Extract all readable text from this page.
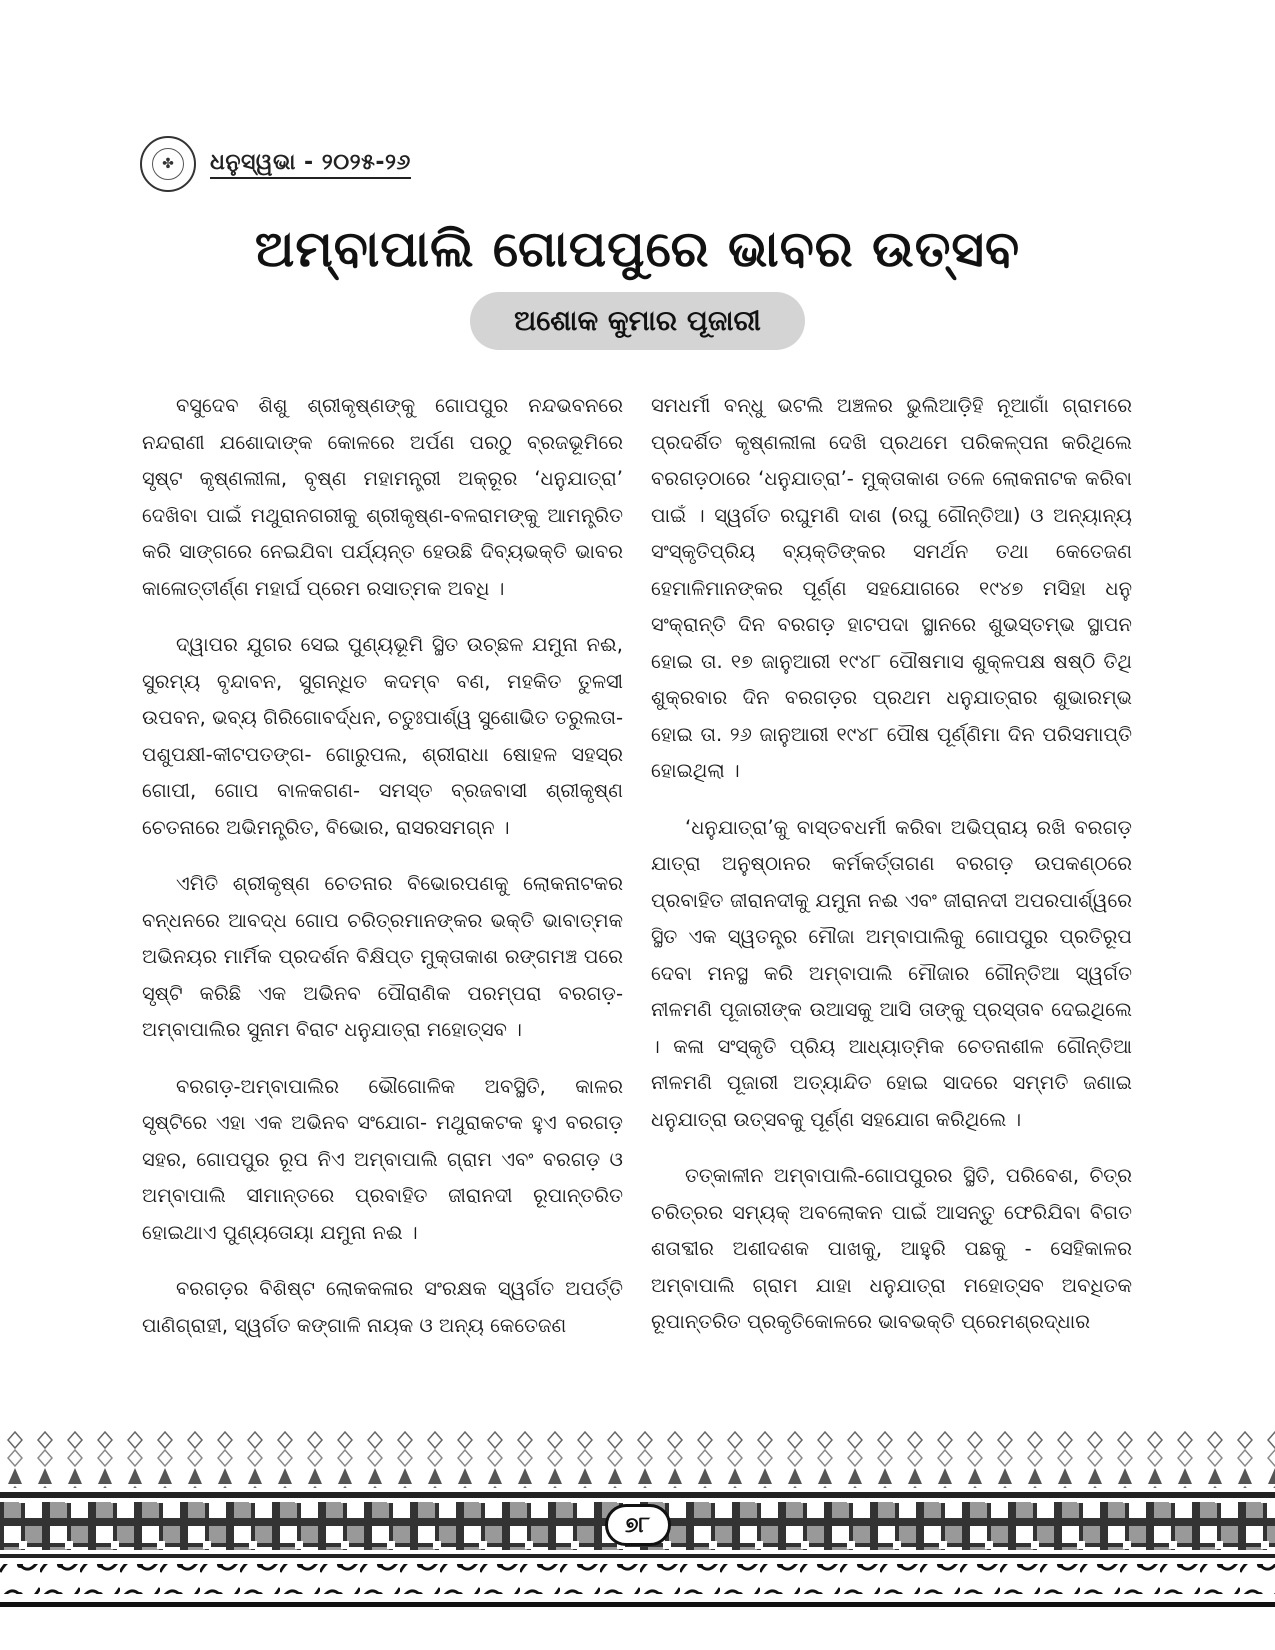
✤	ଧନୁସ୍ୱଭା - ୨୦୨୫-୨୬
ଅମ୍ବାପାଲି ଗୋପପୁରେ ଭାବର ଉତ୍ସବ
ଅଶୋକ କୁମାର ପୂଜାରୀ

ବସୁଦେବ ଶିଶୁ ଶ୍ରୀକୃଷ୍ଣଙ୍କୁ ଗୋପପୁର ନନ୍ଦଭବନରେ ନନ୍ଦରାଣୀ ଯଶୋଦାଙ୍କ କୋଳରେ ଅର୍ପଣ ପରଠୁ ବ୍ରଜଭୂମିରେ ସୃଷ୍ଟ କୃଷ୍ଣଲୀଳା, ବୃଷ୍ଣ ମହାମନ୍ତ୍ରୀ ଅକ୍ରୂର ‘ଧନୁଯାତ୍ରା’ ଦେଖିବା ପାଇଁ ମଥୁରାନଗରୀକୁ ଶ୍ରୀକୃଷ୍ଣ-ବଳରାମଙ୍କୁ ଆମନ୍ତ୍ରିତ କରି ସାଙ୍ଗରେ ନେଇଯିବା ପର୍ଯ୍ୟନ୍ତ ହେଉଛି ଦିବ୍ୟଭକ୍ତି ଭାବର କାଳୋତ୍ତୀର୍ଣ୍ଣ ମହାର୍ଘ ପ୍ରେମ ରସାତ୍ମକ ଅବଧି ।

ଦ୍ୱାପର ଯୁଗର ସେଇ ପୁଣ୍ୟଭୂମି ସ୍ଥିତ ଉଚ୍ଛଳ ଯମୁନା ନଈ, ସୁରମ୍ୟ ବୃନ୍ଦାବନ, ସୁଗନ୍ଧିତ କଦମ୍ବ ବଣ, ମହକିତ ତୁଳସୀ ଉପବନ, ଭବ୍ୟ ଗିରିଗୋବର୍ଦ୍ଧନ, ଚତୁଃପାର୍ଶ୍ୱ ସୁଶୋଭିତ ତରୁଲତା-ପଶୁପକ୍ଷୀ-କୀଟପତଙ୍ଗ- ଗୋରୁପଲ, ଶ୍ରୀରାଧା ଷୋହଳ ସହସ୍ର ଗୋପୀ, ଗୋପ ବାଳକଗଣ- ସମସ୍ତ ବ୍ରଜବାସୀ ଶ୍ରୀକୃଷ୍ଣ ଚେତନାରେ ଅଭିମନ୍ତ୍ରିତ, ବିଭୋର, ରାସରସମଗ୍ନ ।

ଏମିତି ଶ୍ରୀକୃଷ୍ଣ ଚେତନାର ବିଭୋରପଣକୁ ଲୋକନାଟକର ବନ୍ଧନରେ ଆବଦ୍ଧ ଗୋପ ଚରିତ୍ରମାନଙ୍କର ଭକ୍ତି ଭାବାତ୍ମକ ଅଭିନୟର ମାର୍ମିକ ପ୍ରଦର୍ଶନ ବିକ୍ଷିପ୍ତ ମୁକ୍ତାକାଶ ରଙ୍ଗମଞ୍ଚ ପରେ ସୃଷ୍ଟି କରିଛି ଏକ ଅଭିନବ ପୌରାଣିକ ପରମ୍ପରା ବରଗଡ଼-ଅମ୍ବାପାଲିର ସୁନାମ ବିରାଟ ଧନୁଯାତ୍ରା ମହୋତ୍ସବ ।

ବରଗଡ଼-ଅମ୍ବାପାଲିର ଭୌଗୋଳିକ ଅବସ୍ଥିତି, କାଳର ସୃଷ୍ଟିରେ ଏହା ଏକ ଅଭିନବ ସଂଯୋଗ- ମଥୁରାକଟକ ହୁଏ ବରଗଡ଼ ସହର, ଗୋପପୁର ରୂପ ନିଏ ଅମ୍ବାପାଲି ଗ୍ରାମ ଏବଂ ବରଗଡ଼ ଓ ଅମ୍ବାପାଲି ସୀମାନ୍ତରେ ପ୍ରବାହିତ ଜୀରାନଦୀ ରୂପାନ୍ତରିତ ହୋଇଥାଏ ପୁଣ୍ୟତୋୟା ଯମୁନା ନଈ ।

ବରଗଡ଼ର ବିଶିଷ୍ଟ ଲୋକକଳାର ସଂରକ୍ଷକ ସ୍ୱର୍ଗତ ଅପର୍ତ୍ତି ପାଣିଗ୍ରାହୀ, ସ୍ୱର୍ଗତ କଙ୍ଗାଳି ନାୟକ ଓ ଅନ୍ୟ କେତେଜଣ

ସମଧର୍ମୀ ବନ୍ଧୁ ଭଟଲି ଅଞ୍ଚଳର ଭୁଲିଆଡ଼ିହି ନୂଆଗାଁ ଗ୍ରାମରେ ପ୍ରଦର୍ଶିତ କୃଷ୍ଣଲୀଳା ଦେଖି ପ୍ରଥମେ ପରିକଳ୍ପନା କରିଥିଲେ ବରଗଡ଼ଠାରେ ‘ଧନୁଯାତ୍ରା’- ମୁକ୍ତାକାଶ ତଳେ ଲୋକନାଟକ କରିବା ପାଇଁ । ସ୍ୱର୍ଗତ ରଘୁମଣି ଦାଶ (ରଘୁ ଗୌନ୍ତିଆ) ଓ ଅନ୍ୟାନ୍ୟ ସଂସ୍କୃତିପ୍ରିୟ ବ୍ୟକ୍ତିଙ୍କର ସମର୍ଥନ ତଥା କେତେଜଣ ହେମାଳିମାନଙ୍କର ପୂର୍ଣ୍ଣ ସହଯୋଗରେ ୧୯୪୭ ମସିହା ଧନୁ ସଂକ୍ରାନ୍ତି ଦିନ ବରଗଡ଼ ହାଟପଦା ସ୍ଥାନରେ ଶୁଭସ୍ତମ୍ଭ ସ୍ଥାପନ ହୋଇ ତା. ୧୭ ଜାନୁଆରୀ ୧୯୪୮ ପୌଷମାସ ଶୁକ୍ଳପକ୍ଷ ଷଷ୍ଠି ତିଥି ଶୁକ୍ରବାର ଦିନ ବରଗଡ଼ର ପ୍ରଥମ ଧନୁଯାତ୍ରାର ଶୁଭାରମ୍ଭ ହୋଇ ତା. ୨୬ ଜାନୁଆରୀ ୧୯୪୮ ପୌଷ ପୂର୍ଣ୍ଣିମା ଦିନ ପରିସମାପ୍ତି ହୋଇଥିଲା ।

‘ଧନୁଯାତ୍ରା’କୁ ବାସ୍ତବଧର୍ମୀ କରିବା ଅଭିପ୍ରାୟ ରଖି ବରଗଡ଼ ଯାତ୍ରା ଅନୁଷ୍ଠାନର କର୍ମକର୍ତ୍ତାଗଣ ବରଗଡ଼ ଉପକଣ୍ଠରେ ପ୍ରବାହିତ ଜୀରାନଦୀକୁ ଯମୁନା ନଈ ଏବଂ ଜୀରାନଦୀ ଅପରପାର୍ଶ୍ୱରେ ସ୍ଥିତ ଏକ ସ୍ୱତନ୍ତ୍ର ମୌଜା ଅମ୍ବାପାଲିକୁ ଗୋପପୁର ପ୍ରତିରୂପ ଦେବା ମନସ୍ଥ କରି ଅମ୍ବାପାଲି ମୌଜାର ଗୌନ୍ତିଆ ସ୍ୱର୍ଗତ ନୀଳମଣି ପୂଜାରୀଙ୍କ ଉଆସକୁ ଆସି ତାଙ୍କୁ ପ୍ରସ୍ତାବ ଦେଇଥିଲେ । କଳା ସଂସ୍କୃତି ପ୍ରିୟ ଆଧ୍ୟାତ୍ମିକ ଚେତନାଶୀଳ ଗୌନ୍ତିଆ ନୀଳମଣି ପୂଜାରୀ ଅତ୍ୟାନ୍ଦିତ ହୋଇ ସାଦରେ ସମ୍ମତି ଜଣାଇ ଧନୁଯାତ୍ରା ଉତ୍ସବକୁ ପୂର୍ଣ୍ଣ ସହଯୋଗ କରିଥିଲେ ।

ତତ୍କାଳୀନ ଅମ୍ବାପାଲି-ଗୋପପୁରର ସ୍ଥିତି, ପରିବେଶ, ଚିତ୍ର ଚରିତ୍ରର ସମ୍ୟକ୍ ଅବଲୋକନ ପାଇଁ ଆସନ୍ତୁ ଫେରିଯିବା ବିଗତ ଶତାବ୍ଦୀର ଅଶୀଦଶକ ପାଖକୁ, ଆହୁରି ପଛକୁ - ସେହିକାଳର ଅମ୍ବାପାଲି ଗ୍ରାମ ଯାହା ଧନୁଯାତ୍ରା ମହୋତ୍ସବ ଅବଧିତକ ରୂପାନ୍ତରିତ ପ୍ରକୃତିକୋଳରେ ଭାବଭକ୍ତି ପ୍ରେମଶ୍ରଦ୍ଧାର

୭୮
